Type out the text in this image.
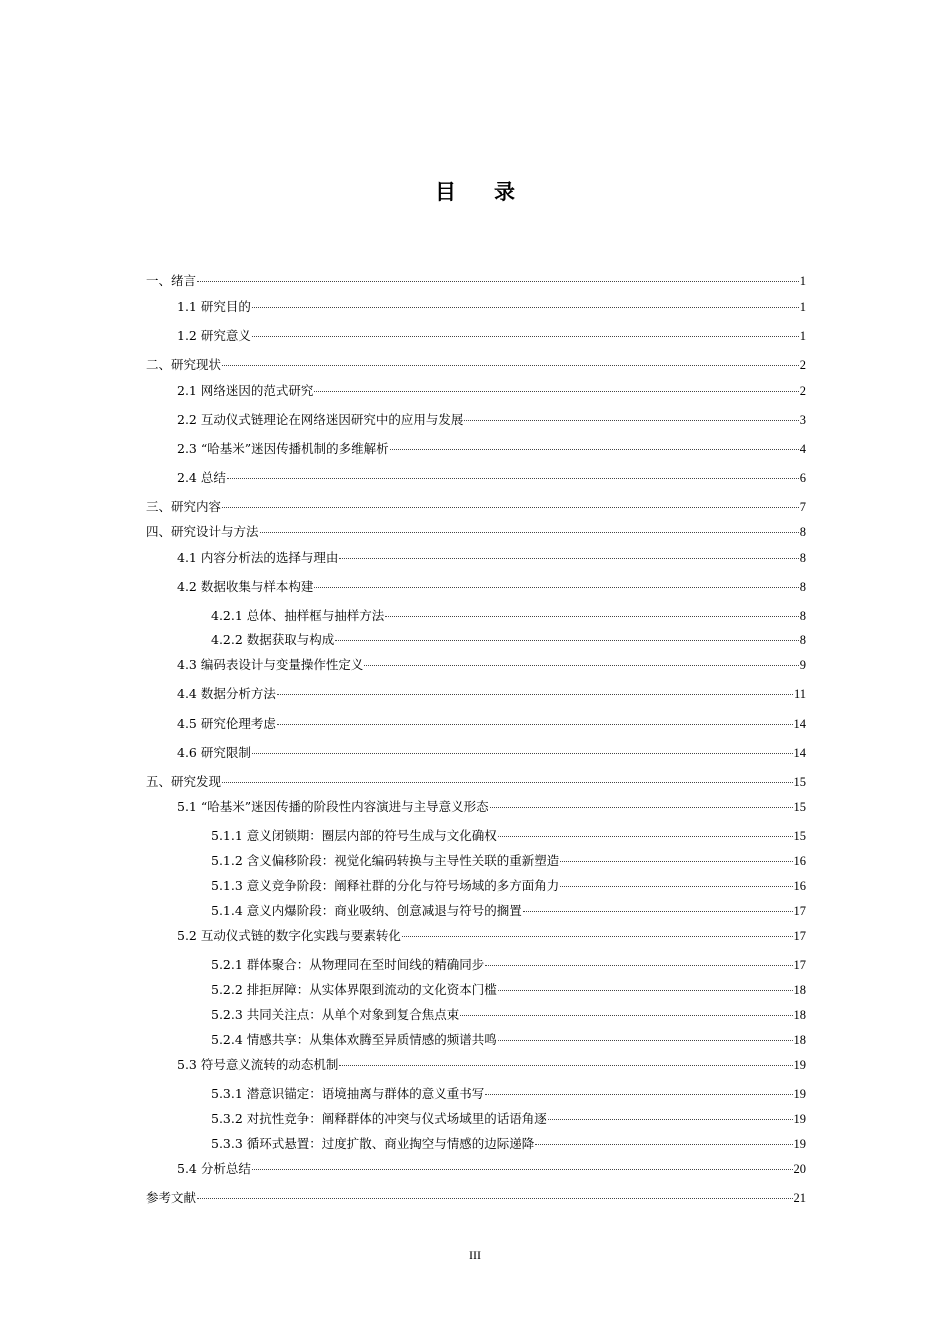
目录
一、绪言	1
1.1 研究目的	1
1.2 研究意义	1
二、研究现状	2
2.1 网络迷因的范式研究	2
2.2 互动仪式链理论在网络迷因研究中的应用与发展	3
2.3 “哈基米”迷因传播机制的多维解析	4
2.4 总结	6
三、研究内容	7
四、研究设计与方法	8
4.1 内容分析法的选择与理由	8
4.2 数据收集与样本构建	8
4.2.1 总体、抽样框与抽样方法	8
4.2.2 数据获取与构成	8
4.3 编码表设计与变量操作性定义	9
4.4 数据分析方法	11
4.5 研究伦理考虑	14
4.6 研究限制	14
五、研究发现	15
5.1 “哈基米”迷因传播的阶段性内容演进与主导意义形态	15
5.1.1 意义闭锁期：圈层内部的符号生成与文化确权	15
5.1.2 含义偏移阶段：视觉化编码转换与主导性关联的重新塑造	16
5.1.3 意义竞争阶段：阐释社群的分化与符号场域的多方面角力	16
5.1.4 意义内爆阶段：商业吸纳、创意减退与符号的搁置	17
5.2 互动仪式链的数字化实践与要素转化	17
5.2.1 群体聚合：从物理同在至时间线的精确同步	17
5.2.2 排拒屏障：从实体界限到流动的文化资本门槛	18
5.2.3 共同关注点：从单个对象到复合焦点束	18
5.2.4 情感共享：从集体欢腾至异质情感的频谱共鸣	18
5.3 符号意义流转的动态机制	19
5.3.1 潜意识锚定：语境抽离与群体的意义重书写	19
5.3.2 对抗性竞争：阐释群体的冲突与仪式场域里的话语角逐	19
5.3.3 循环式悬置：过度扩散、商业掏空与情感的边际递降	19
5.4 分析总结	20
参考文献	21
III
